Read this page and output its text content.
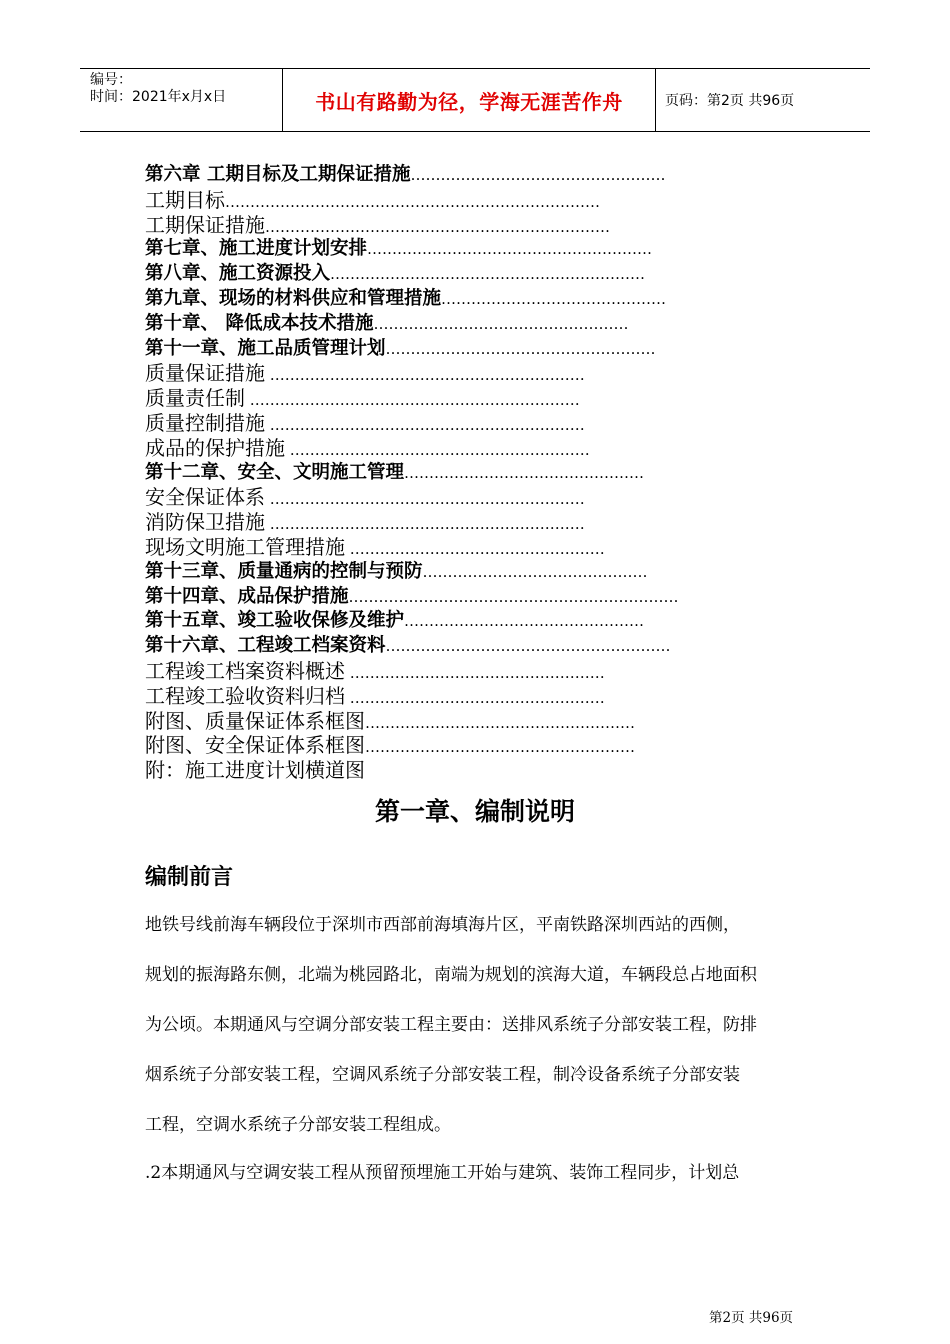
编号：
时间：2021年x月x日	书山有路勤为径，学海无涯苦作舟	页码：第2页 共96页
第六章 工期目标及工期保证措施……………………………………………
工期目标…………………………………………………………………
工期保证措施……………………………………………………………
第七章、施工进度计划安排…………………………………………………
第八章、施工资源投入………………………………………………………
第九章、现场的材料供应和管理措施………………………………………
第十章、 降低成本技术措施……………………………………………
第十一章、施工品质管理计划………………………………………………
质量保证措施 ………………………………………………………
质量责任制 …………………………………………………………
质量控制措施 ………………………………………………………
成品的保护措施 ……………………………………………………
第十二章、安全、文明施工管理…………………………………………
安全保证体系 ………………………………………………………
消防保卫措施 ………………………………………………………
现场文明施工管理措施 ……………………………………………
第十三章、质量通病的控制与预防………………………………………
第十四章、成品保护措施…………………………………………………………
第十五章、竣工验收保修及维护…………………………………………
第十六章、工程竣工档案资料…………………………………………………
工程竣工档案资料概述 ……………………………………………
工程竣工验收资料归档 ……………………………………………
附图、质量保证体系框图………………………………………………
附图、安全保证体系框图………………………………………………
附：施工进度计划横道图
第一章、编制说明
编制前言
地铁号线前海车辆段位于深圳市西部前海填海片区，平南铁路深圳西站的西侧，
规划的振海路东侧，北端为桃园路北，南端为规划的滨海大道，车辆段总占地面积
为公顷。本期通风与空调分部安装工程主要由：送排风系统子分部安装工程，防排
烟系统子分部安装工程，空调风系统子分部安装工程，制冷设备系统子分部安装
工程，空调水系统子分部安装工程组成。
.2本期通风与空调安装工程从预留预埋施工开始与建筑、装饰工程同步，计划总
第2页 共96页
